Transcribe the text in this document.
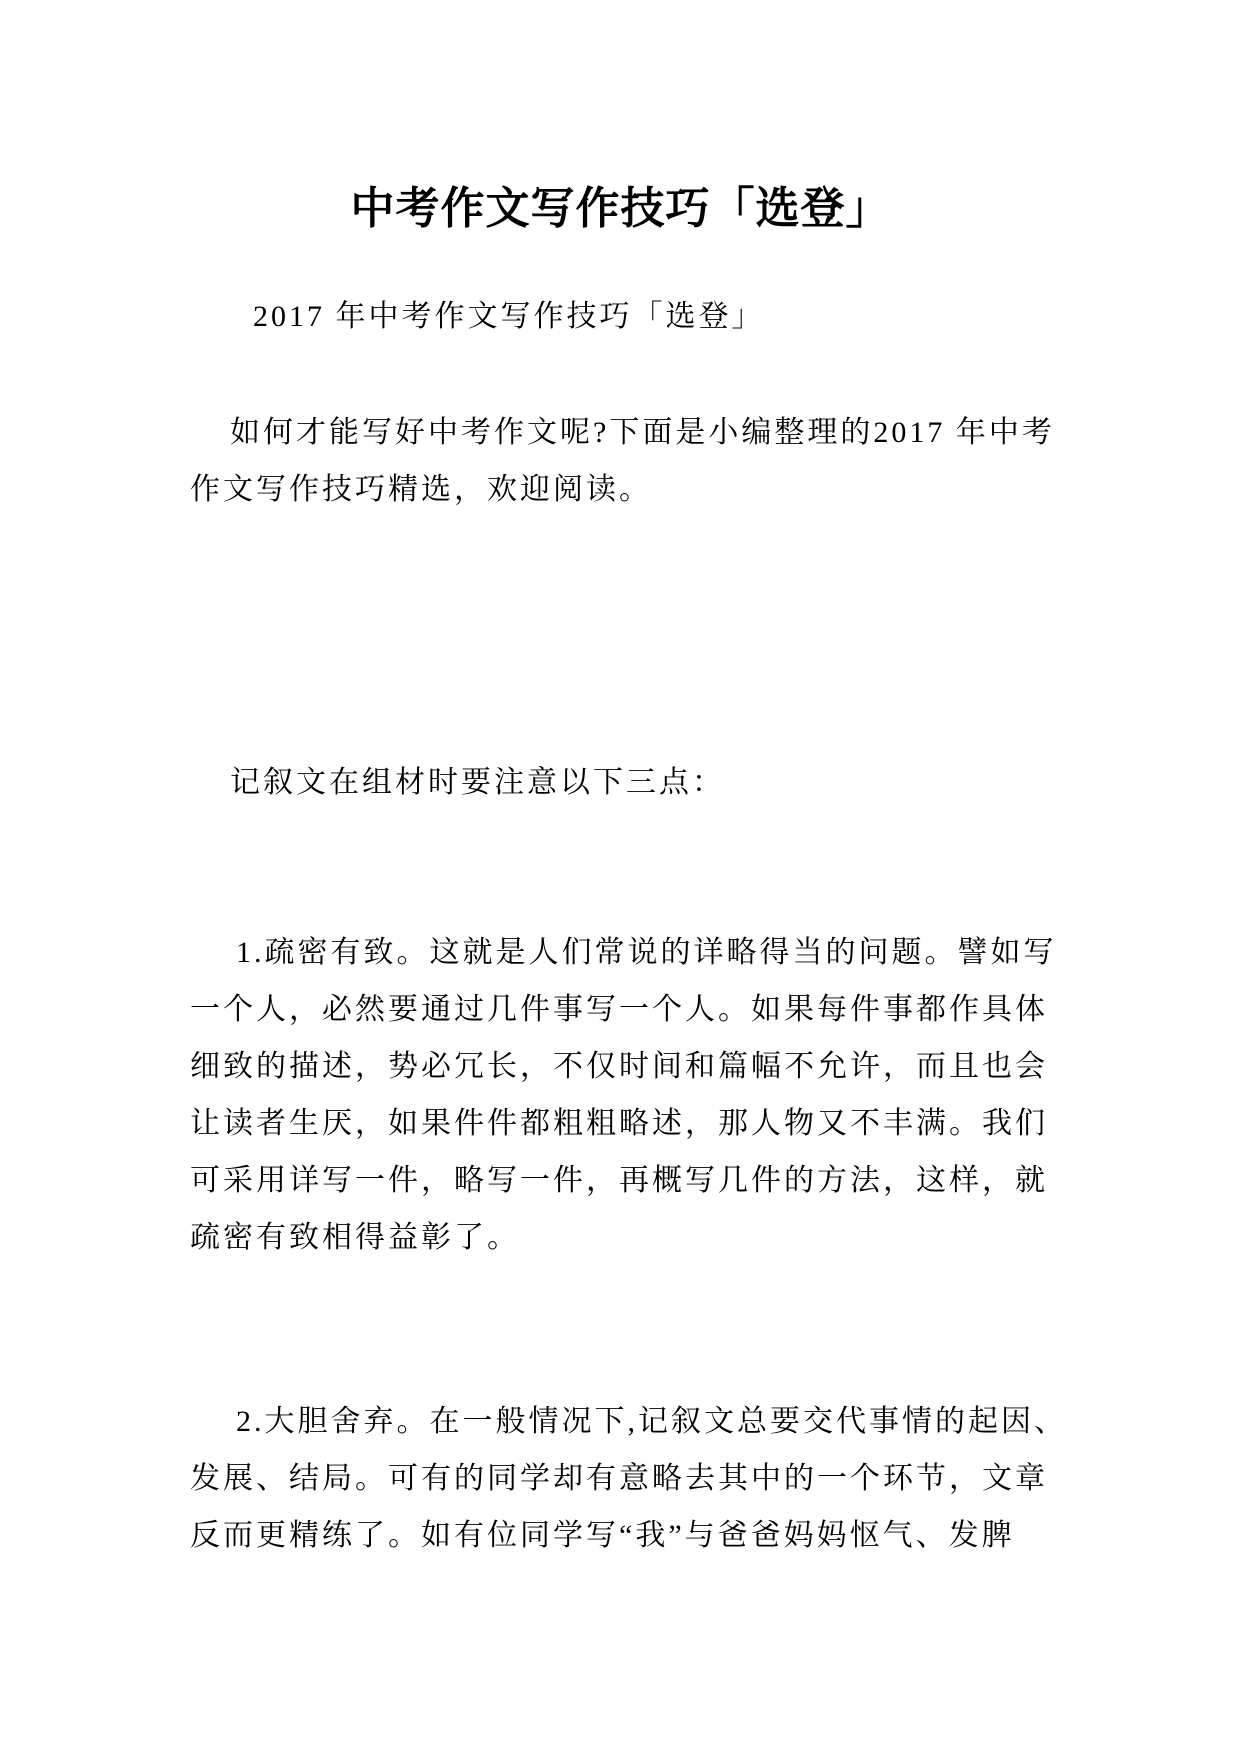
中考作文写作技巧「选登」
2017 年中考作文写作技巧「选登」
如何才能写好中考作文呢?下面是小编整理的2017 年中考
作文写作技巧精选，欢迎阅读。
记叙文在组材时要注意以下三点：
1.疏密有致。这就是人们常说的详略得当的问题。譬如写
一个人，必然要通过几件事写一个人。如果每件事都作具体
细致的描述，势必冗长，不仅时间和篇幅不允许，而且也会
让读者生厌，如果件件都粗粗略述，那人物又不丰满。我们
可采用详写一件，略写一件，再概写几件的方法，这样，就
疏密有致相得益彰了。
2.大胆舍弃。在一般情况下,记叙文总要交代事情的起因、
发展、结局。可有的同学却有意略去其中的一个环节，文章
反而更精练了。如有位同学写“我”与爸爸妈妈怄气、发脾
